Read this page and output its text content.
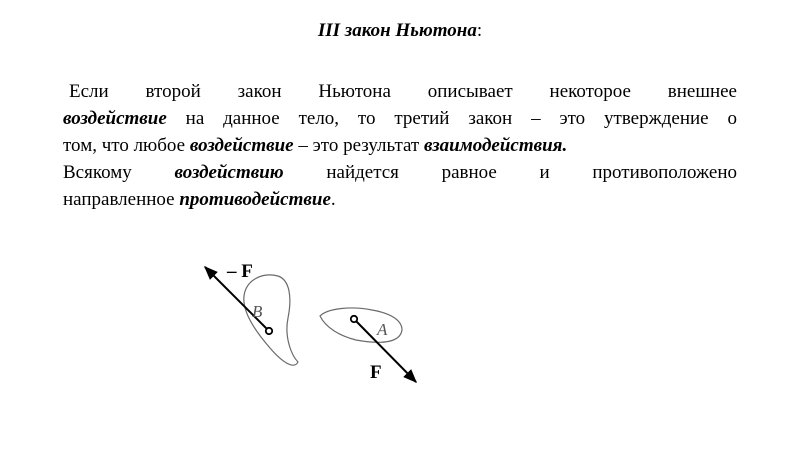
III закон Ньютона:
Если второй закон Ньютона описывает некоторое внешнее
воздействие на данное тело, то третий закон – это утверждение о
том, что любое воздействие – это результат взаимодействия.
Всякому воздействию найдется равное и противоположено
направленное противодействие.
– F
B
A
F
